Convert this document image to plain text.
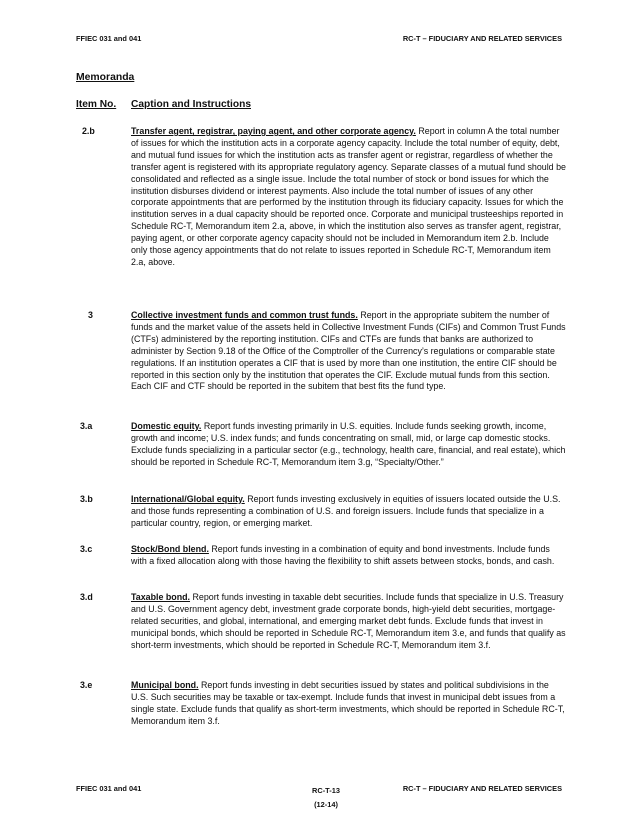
FFIEC 031 and 041	RC-T – FIDUCIARY AND RELATED SERVICES
Memoranda
Item No. Caption and Instructions
2.b	Transfer agent, registrar, paying agent, and other corporate agency. Report in column A the total number of issues for which the institution acts in a corporate agency capacity. Include the total number of equity, debt, and mutual fund issues for which the institution acts as transfer agent or registrar, regardless of whether the transfer agent is registered with its appropriate regulatory agency. Separate classes of a mutual fund should be consolidated and reflected as a single issue. Include the total number of stock or bond issues for which the institution disburses dividend or interest payments. Also include the total number of issues of any other corporate appointments that are performed by the institution through its fiduciary capacity. Issues for which the institution serves in a dual capacity should be reported once. Corporate and municipal trusteeships reported in Schedule RC-T, Memorandum item 2.a, above, in which the institution also serves as transfer agent, registrar, paying agent, or other corporate agency capacity should not be included in Memorandum item 2.b. Include only those agency appointments that do not relate to issues reported in Schedule RC-T, Memorandum item 2.a, above.
3	Collective investment funds and common trust funds. Report in the appropriate subitem the number of funds and the market value of the assets held in Collective Investment Funds (CIFs) and Common Trust Funds (CTFs) administered by the reporting institution. CIFs and CTFs are funds that banks are authorized to administer by Section 9.18 of the Office of the Comptroller of the Currency’s regulations or comparable state regulations. If an institution operates a CIF that is used by more than one institution, the entire CIF should be reported in this section only by the institution that operates the CIF. Exclude mutual funds from this section. Each CIF and CTF should be reported in the subitem that best fits the fund type.
3.a	Domestic equity. Report funds investing primarily in U.S. equities. Include funds seeking growth, income, growth and income; U.S. index funds; and funds concentrating on small, mid, or large cap domestic stocks. Exclude funds specializing in a particular sector (e.g., technology, health care, financial, and real estate), which should be reported in Schedule RC-T, Memorandum item 3.g, “Specialty/Other.”
3.b	International/Global equity. Report funds investing exclusively in equities of issuers located outside the U.S. and those funds representing a combination of U.S. and foreign issuers. Include funds that specialize in a particular country, region, or emerging market.
3.c	Stock/Bond blend. Report funds investing in a combination of equity and bond investments. Include funds with a fixed allocation along with those having the flexibility to shift assets between stocks, bonds, and cash.
3.d	Taxable bond. Report funds investing in taxable debt securities. Include funds that specialize in U.S. Treasury and U.S. Government agency debt, investment grade corporate bonds, high-yield debt securities, mortgage-related securities, and global, international, and emerging market debt funds. Exclude funds that invest in municipal bonds, which should be reported in Schedule RC-T, Memorandum item 3.e, and funds that qualify as short-term investments, which should be reported in Schedule RC-T, Memorandum item 3.f.
3.e	Municipal bond. Report funds investing in debt securities issued by states and political subdivisions in the U.S. Such securities may be taxable or tax-exempt. Include funds that invest in municipal debt issues from a single state. Exclude funds that qualify as short-term investments, which should be reported in Schedule RC-T, Memorandum item 3.f.
FFIEC 031 and 041	RC-T-13
(12-14)
RC-T – FIDUCIARY AND RELATED SERVICES
